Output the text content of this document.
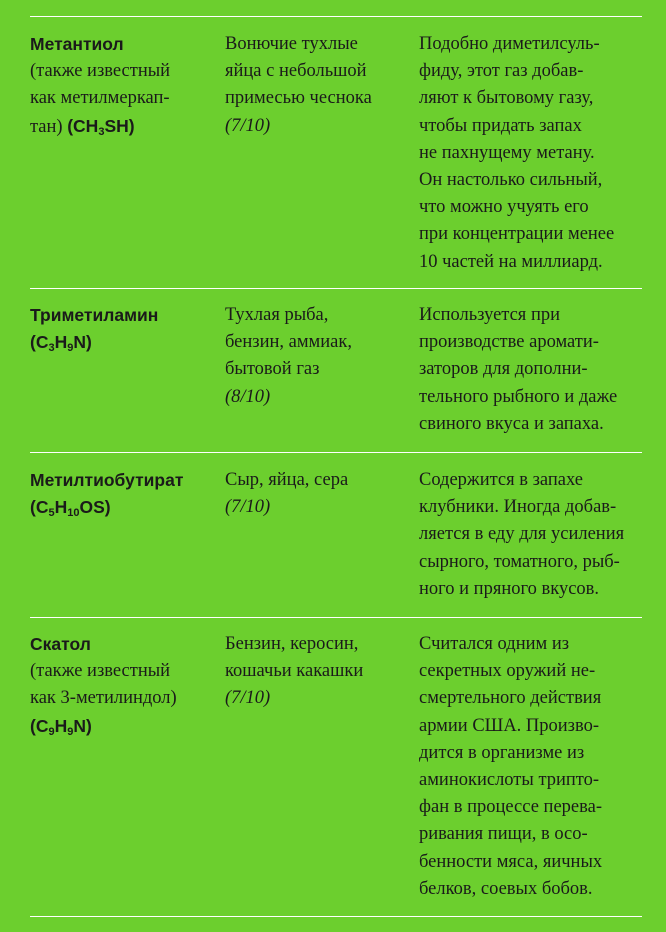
Метантиол
(также известный
как метилмеркап-
тан) $(CH_3SH)$
Вонючие тухлые
яйца с небольшой
примесью чеснока
(7/10)
Подобно диметилсуль-
фиду, этот газ добав-
ляют к бытовому газу,
чтобы придать запах
не пахнущему метану.
Он настолько сильный,
что можно учуять его
при концентрации менее
10 частей на миллиард.
Триметиламин
$(C_3H_9N)$
Тухлая рыба,
бензин, аммиак,
бытовой газ
(8/10)
Используется при
производстве аромати-
заторов для дополни-
тельного рыбного и даже
свиного вкуса и запаха.
Метилтиобутират
$(C_5H_{10}OS)$
Сыр, яйца, сера
(7/10)
Содержится в запахе
клубники. Иногда добав-
ляется в еду для усиления
сырного, томатного, рыб-
ного и пряного вкусов.
Скатол
(также известный
как 3-метилиндол)
$(C_9H_9N)$
Бензин, керосин,
кошачьи какашки
(7/10)
Считался одним из
секретных оружий не-
смертельного действия
армии США. Произво-
дится в организме из
аминокислоты трипто-
фан в процессе перева-
ривания пищи, в осо-
бенности мяса, яичных
белков, соевых бобов.
